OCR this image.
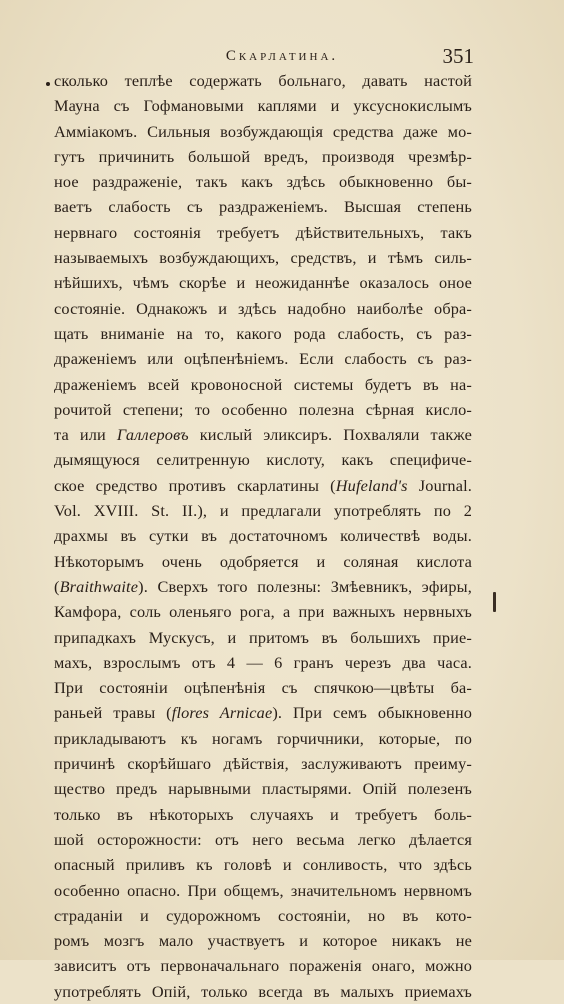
Скарлатина.	351
сколько теплѣе содержать больнаго, давать настой
Мауна съ Гофмановыми каплями и уксуснокислымъ
Аммiакомъ. Сильныя возбуждающiя средства даже мо-
гутъ причинить большой вредъ, производя чрезмѣр-
ное раздраженiе, такъ какъ здѣсь обыкновенно бы-
ваетъ слабость съ раздраженiемъ. Высшая степень
нервнаго состоянiя требуетъ дѣйствительныхъ, такъ
называемыхъ возбуждающихъ, средствъ, и тѣмъ силь-
нѣйшихъ, чѣмъ скорѣе и неожиданнѣе оказалось оное
состоянiе. Однакожъ и здѣсь надобно наиболѣе обра-
щать вниманiе на то, какого рода слабость, съ раз-
драженiемъ или оцѣпенѣнiемъ. Если слабость съ раз-
драженiемъ всей кровоносной системы будетъ въ на-
рочитой степени; то особенно полезна сѣрная кисло-
та или Галлеровъ кислый эликсиръ. Похваляли также
дымящуюся селитренную кислоту, какъ специфиче-
ское средство противъ скарлатины (Hufeland's Journal.
Vol. XVIII. St. II.), и предлагали употреблять по 2
драхмы въ сутки въ достаточномъ количествѣ воды.
Нѣкоторымъ очень одобряется и соляная кислота
(Braithwaite). Сверхъ того полезны: Змѣевникъ, эфиры,
Камфора, соль оленьяго рога, а при важныхъ нервныхъ
припадкахъ Мускусъ, и притомъ въ большихъ прие-
махъ, взрослымъ отъ 4 — 6 гранъ черезъ два часа.
При состоянiи оцѣпенѣнiя съ спячкою—цвѣты ба-
раньей травы (flores Arnicae). При семъ обыкновенно
прикладываютъ къ ногамъ горчичники, которые, по
причинѣ скорѣйшаго дѣйствiя, заслуживаютъ преиму-
щество предъ нарывными пластырями. Опiй полезенъ
только въ нѣкоторыхъ случаяхъ и требуетъ боль-
шой осторожности: отъ него весьма легко дѣлается
опасный приливъ къ головѣ и сонливость, что здѣсь
особенно опасно. При общемъ, значительномъ нервномъ
страданiи и судорожномъ состоянiи, но въ кото-
ромъ мозгъ мало участвуетъ и которое никакъ не
зависитъ отъ первоначальнаго пораженiя онаго, можно
употреблять Опiй, только всегда въ малыхъ приемахъ
